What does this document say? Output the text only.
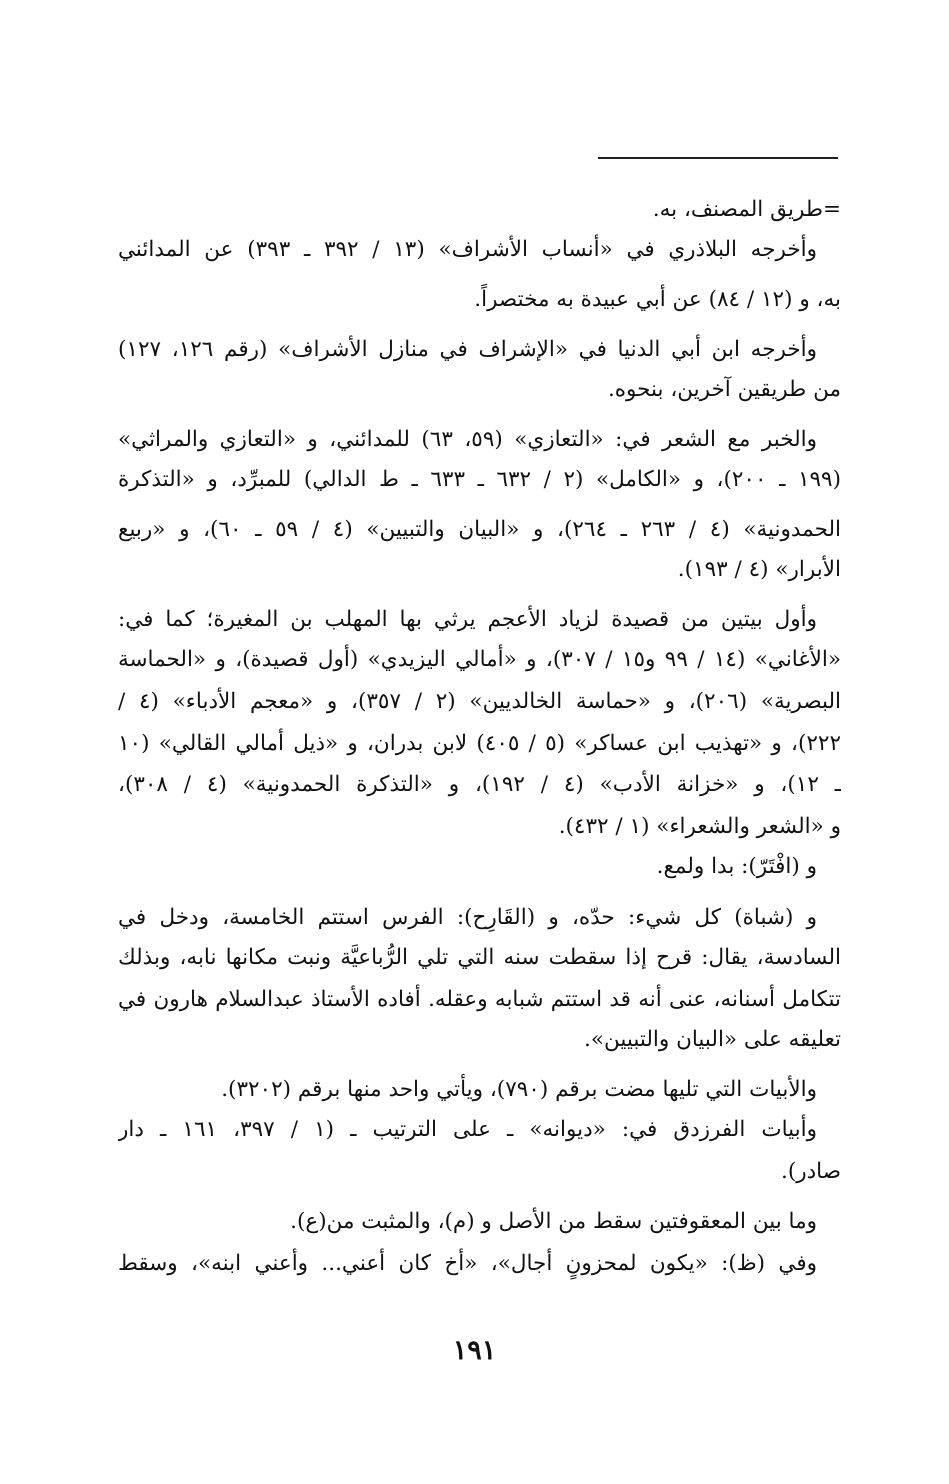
=طريق المصنف، به.
وأخرجه البلاذري في «أنساب الأشراف» (١٣ / ٣٩٢ ـ ٣٩٣) عن المدائني
به، و (١٢ / ٨٤) عن أبي عبيدة به مختصراً.
وأخرجه ابن أبي الدنيا في «الإشراف في منازل الأشراف» (رقم ١٢٦، ١٢٧)
من طريقين آخرين، بنحوه.
والخبر مع الشعر في: «التعازي» (٥٩، ٦٣) للمدائني، و «التعازي والمراثي»
(١٩٩ ـ ٢٠٠)، و «الكامل» (٢ / ٦٣٢ ـ ٦٣٣ ـ ط الدالي) للمبرِّد، و «التذكرة
الحمدونية» (٤ / ٢٦٣ ـ ٢٦٤)، و «البيان والتبيين» (٤ / ٥٩ ـ ٦٠)، و «ربيع
الأبرار» (٤ / ١٩٣).
وأول بيتين من قصيدة لزياد الأعجم يرثي بها المهلب بن المغيرة؛ كما في:
«الأغاني» (١٤ / ٩٩ و١٥ / ٣٠٧)، و «أمالي اليزيدي» (أول قصيدة)، و «الحماسة
البصرية» (٢٠٦)، و «حماسة الخالديين» (٢ / ٣٥٧)، و «معجم الأدباء» (٤ /
٢٢٢)، و «تهذيب ابن عساكر» (٥ / ٤٠٥) لابن بدران، و «ذيل أمالي القالي» (١٠
ـ ١٢)، و «خزانة الأدب» (٤ / ١٩٢)، و «التذكرة الحمدونية» (٤ / ٣٠٨)،
و «الشعر والشعراء» (١ / ٤٣٢).
و (افْتَرّ): بدا ولمع.
و (شباة) كل شيء: حدّه، و (القَارِح): الفرس استتم الخامسة، ودخل في
السادسة، يقال: قرح إذا سقطت سنه التي تلي الرُّباعيَّة ونبت مكانها نابه، وبذلك
تتكامل أسنانه، عنى أنه قد استتم شبابه وعقله. أفاده الأستاذ عبدالسلام هارون في
تعليقه على «البيان والتبيين».
والأبيات التي تليها مضت برقم (٧٩٠)، ويأتي واحد منها برقم (٣٢٠٢).
وأبيات الفرزدق في: «ديوانه» ـ على الترتيب ـ (١ / ٣٩٧، ١٦١ ـ دار
صادر).
وما بين المعقوفتين سقط من الأصل و (م)، والمثبت من(ع).
وفي (ظ): «يكون لمحزونٍ أجال»، «أخ كان أعني... وأعني ابنه»، وسقط
١٩١
